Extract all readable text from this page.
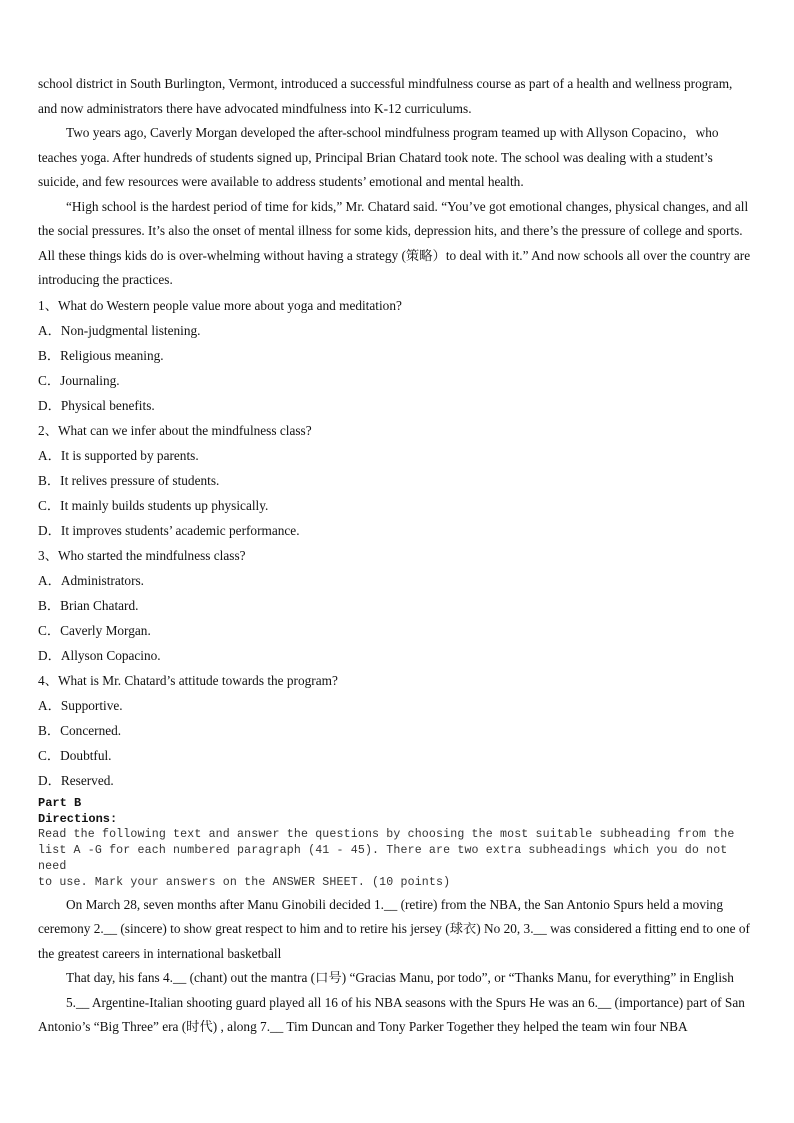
school district in South Burlington, Vermont, introduced a successful mindfulness course as part of a health and wellness program, and now administrators there have advocated mindfulness into K-12 curriculums.

Two years ago, Caverly Morgan developed the after-school mindfulness program teamed up with Allyson Copacino，who teaches yoga. After hundreds of students signed up, Principal Brian Chatard took note. The school was dealing with a student’s suicide, and few resources were available to address students’ emotional and mental health.

“High school is the hardest period of time for kids,” Mr. Chatard said. “You’ve got emotional changes, physical changes, and all the social pressures. It’s also the onset of mental illness for some kids, depression hits, and there’s the pressure of college and sports. All these things kids do is over-whelming without having a strategy (策略）to deal with it.” And now schools all over the country are introducing the practices.

1、What do Western people value more about yoga and meditation?

A．Non-judgmental listening.

B．Religious meaning.

C．Journaling.

D．Physical benefits.

2、What can we infer about the mindfulness class?

A．It is supported by parents.

B．It relives pressure of students.

C．It mainly builds students up physically.

D．It improves students’ academic performance.

3、Who started the mindfulness class?

A．Administrators.

B．Brian Chatard.

C．Caverly Morgan.

D．Allyson Copacino.

4、What is Mr. Chatard’s attitude towards the program?

A．Supportive.

B．Concerned.

C．Doubtful.

D．Reserved.

Part B

Directions:

Read the following text and answer the questions by choosing the most suitable subheading from the

list A -G for each numbered paragraph (41 - 45). There are two extra subheadings which you do not need

to use. Mark your answers on the ANSWER SHEET. (10 points)

On March 28, seven months after Manu Ginobili decided 1.__ (retire) from the NBA, the San Antonio Spurs held a moving ceremony 2.__ (sincere) to show great respect to him and to retire his jersey (球衣) No 20, 3.__ was considered a fitting end to one of the greatest careers in international basketball

That day, his fans 4.__ (chant) out the mantra (口号) “Gracias Manu, por todo”, or “Thanks Manu, for everything” in English

5.__ Argentine-Italian shooting guard played all 16 of his NBA seasons with the Spurs He was an 6.__ (importance) part of San Antonio’s “Big Three” era (时代) , along 7.__ Tim Duncan and Tony Parker Together they helped the team win four NBA
